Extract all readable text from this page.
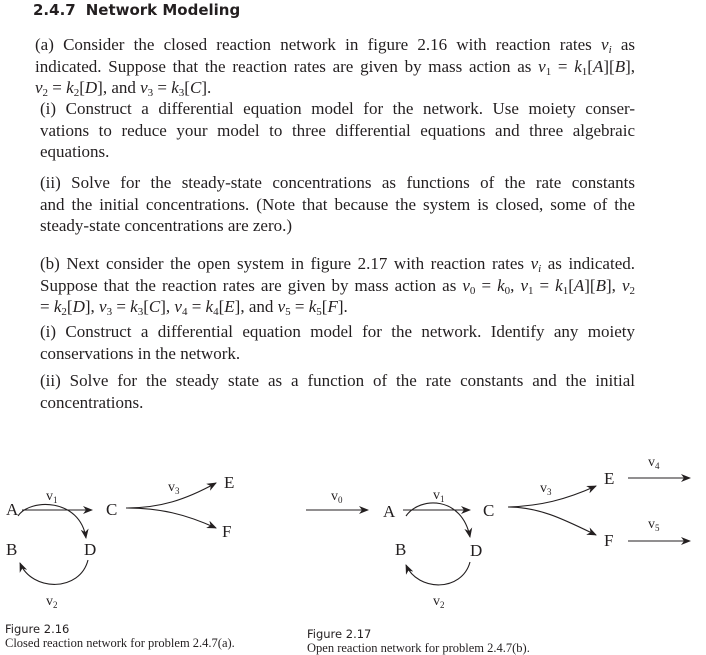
2.4.7 Network Modeling
(a) Consider the closed reaction network in figure 2.16 with reaction rates $v_i$ as
indicated. Suppose that the reaction rates are given by mass action as $v_1 = k_1[A][B]$,
$v_2 = k_2[D]$, and $v_3 = k_3[C]$.
(i) Construct a differential equation model for the network. Use moiety conser-
vations to reduce your model to three differential equations and three algebraic
equations.
(ii) Solve for the steady-state concentrations as functions of the rate constants
and the initial concentrations. (Note that because the system is closed, some of the
steady-state concentrations are zero.)
(b) Next consider the open system in figure 2.17 with reaction rates $v_i$ as indicated.
Suppose that the reaction rates are given by mass action as $v_0 = k_0$, $v_1 = k_1[A][B]$, $v_2$
= $k_2[D]$, $v_3 = k_3[C]$, $v_4 = k_4[E]$, and $v_5 = k_5[F]$.
(i) Construct a differential equation model for the network. Identify any moiety
conservations in the network.
(ii) Solve for the steady state as a function of the rate constants and the initial
concentrations.
A
B
C
D
E
F
$v_1$
$v_2$
$v_3$
Figure 2.16
Closed reaction network for problem 2.4.7(a).
$v_0$
A
B
C
D
E
F
$v_1$
$v_2$
$v_3$
$v_4$
$v_5$
Figure 2.17
Open reaction network for problem 2.4.7(b).
